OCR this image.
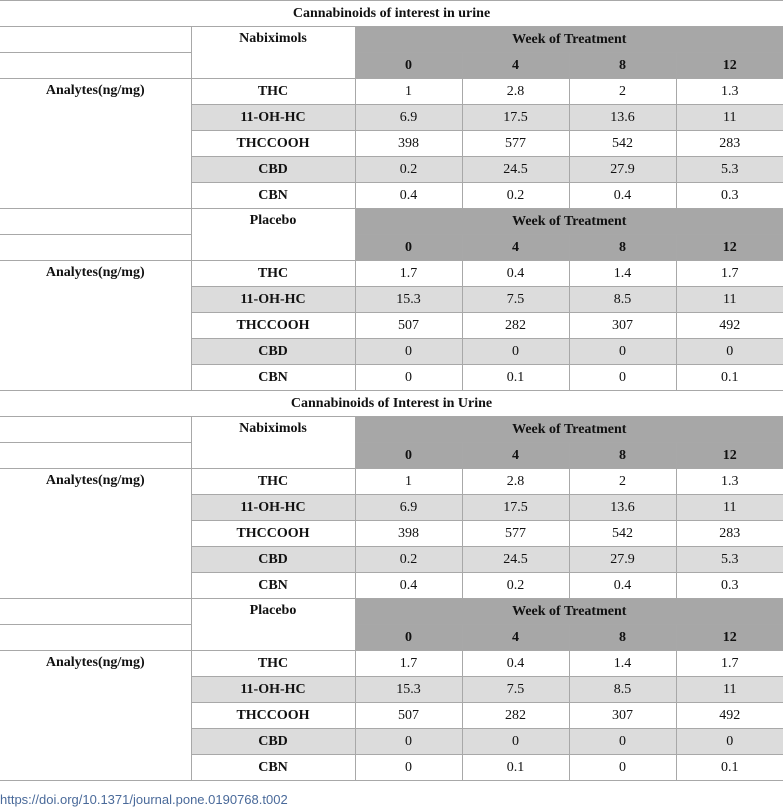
Cannabinoids of interest in urine					
	Nabiximols	Week of Treatment			
		0	4	8	12
Analytes(ng/mg)	THC	1	2.8	2	1.3
	11-OH-HC	6.9	17.5	13.6	11
	THCCOOH	398	577	542	283
	CBD	0.2	24.5	27.9	5.3
	CBN	0.4	0.2	0.4	0.3
	Placebo	Week of Treatment			
		0	4	8	12
Analytes(ng/mg)	THC	1.7	0.4	1.4	1.7
	11-OH-HC	15.3	7.5	8.5	11
	THCCOOH	507	282	307	492
	CBD	0	0	0	0
	CBN	0	0.1	0	0.1
Cannabinoids of Interest in Urine					
	Nabiximols	Week of Treatment			
		0	4	8	12
Analytes(ng/mg)	THC	1	2.8	2	1.3
	11-OH-HC	6.9	17.5	13.6	11
	THCCOOH	398	577	542	283
	CBD	0.2	24.5	27.9	5.3
	CBN	0.4	0.2	0.4	0.3
	Placebo	Week of Treatment			
		0	4	8	12
Analytes(ng/mg)	THC	1.7	0.4	1.4	1.7
	11-OH-HC	15.3	7.5	8.5	11
	THCCOOH	507	282	307	492
	CBD	0	0	0	0
	CBN	0	0.1	0	0.1
https://doi.org/10.1371/journal.pone.0190768.t002
